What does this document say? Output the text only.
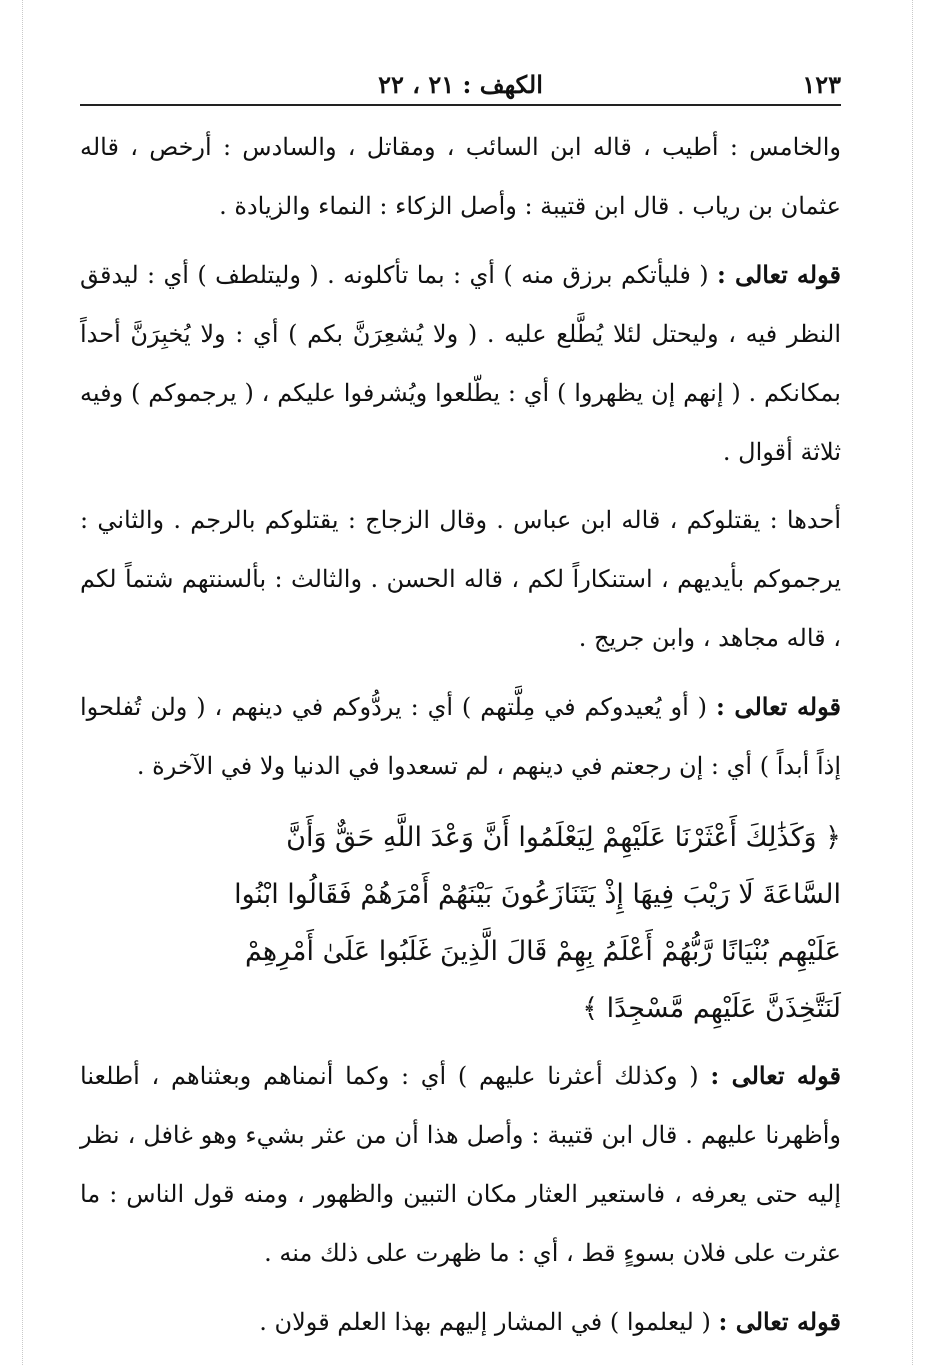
١٢٣
الكهف : ٢١ ، ٢٢

والخامس : أطيب ، قاله ابن السائب ، ومقاتل ، والسادس : أرخص ، قاله عثمان بن رياب . قال ابن قتيبة : وأصل الزكاء : النماء والزيادة .

قوله تعالى : ( فليأتكم برزق منه ) أي : بما تأكلونه . ( وليتلطف ) أي : ليدقق النظر فيه ، وليحتل لئلا يُطَّلع عليه . ( ولا يُشعِرَنَّ بكم ) أي : ولا يُخبِرَنَّ أحداً بمكانكم . ( إنهم إن يظهروا ) أي : يطّلعوا ويُشرفوا عليكم ، ( يرجموكم ) وفيه ثلاثة أقوال .

أحدها : يقتلوكم ، قاله ابن عباس . وقال الزجاج : يقتلوكم بالرجم . والثاني : يرجموكم بأيديهم ، استنكاراً لكم ، قاله الحسن . والثالث : بألسنتهم شتماً لكم ، قاله مجاهد ، وابن جريج .

قوله تعالى : ( أو يُعيدوكم في مِلَّتهم ) أي : يردُّوكم في دينهم ، ( ولن تُفلحوا إذاً أبداً ) أي : إن رجعتم في دينهم ، لم تسعدوا في الدنيا ولا في الآخرة .

﴿ وَكَذَٰلِكَ أَعْثَرْنَا عَلَيْهِمْ لِيَعْلَمُوا أَنَّ وَعْدَ اللَّهِ حَقٌّ وَأَنَّ
السَّاعَةَ لَا رَيْبَ فِيهَا إِذْ يَتَنَازَعُونَ بَيْنَهُمْ أَمْرَهُمْ فَقَالُوا ابْنُوا
عَلَيْهِم بُنْيَانًا رَّبُّهُمْ أَعْلَمُ بِهِمْ قَالَ الَّذِينَ غَلَبُوا عَلَىٰ أَمْرِهِمْ
لَنَتَّخِذَنَّ عَلَيْهِم مَّسْجِدًا ﴾

قوله تعالى : ( وكذلك أعثرنا عليهم ) أي : وكما أنمناهم وبعثناهم ، أطلعنا وأظهرنا عليهم . قال ابن قتيبة : وأصل هذا أن من عثر بشيء وهو غافل ، نظر إليه حتى يعرفه ، فاستعير العثار مكان التبين والظهور ، ومنه قول الناس : ما عثرت على فلان بسوءٍ قط ، أي : ما ظهرت على ذلك منه .

قوله تعالى : ( ليعلموا ) في المشار إليهم بهذا العلم قولان .
